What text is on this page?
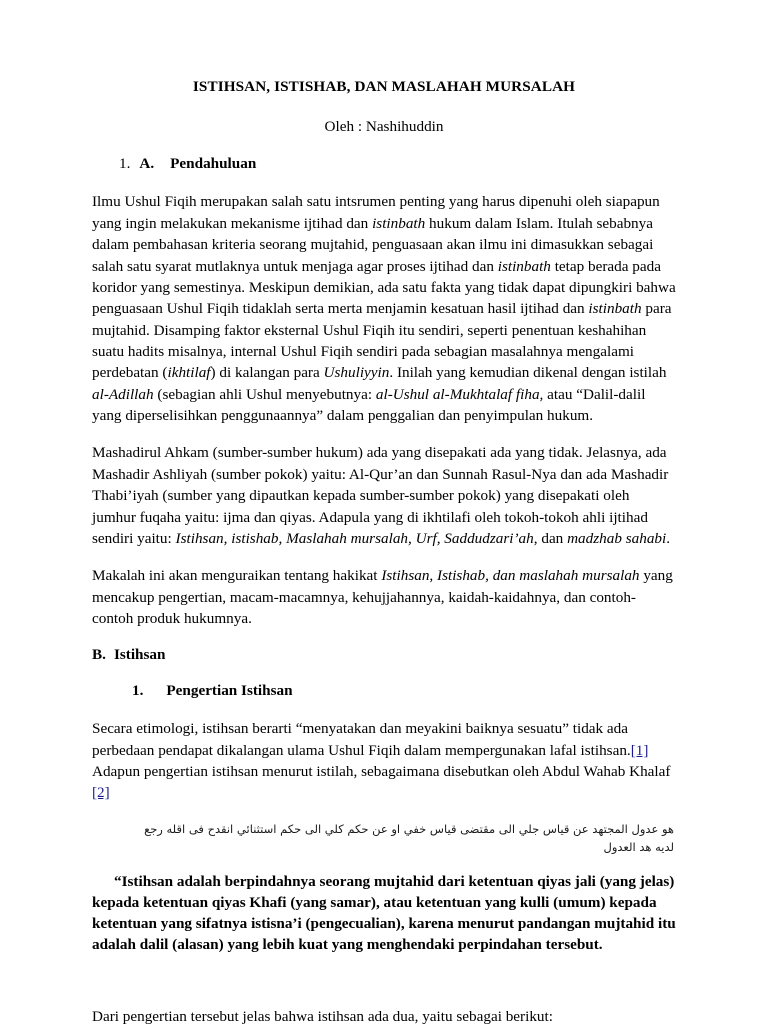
ISTIHSAN, ISTISHAB, DAN MASLAHAH MURSALAH
Oleh : Nashihuddin
1. A. Pendahuluan

Ilmu Ushul Fiqih merupakan salah satu intsrumen penting yang harus dipenuhi oleh siapapun yang ingin melakukan mekanisme ijtihad dan istinbath hukum dalam Islam. Itulah sebabnya dalam pembahasan kriteria seorang mujtahid, penguasaan akan ilmu ini dimasukkan sebagai salah satu syarat mutlaknya untuk menjaga agar proses ijtihad dan istinbath tetap berada pada koridor yang semestinya. Meskipun demikian, ada satu fakta yang tidak dapat dipungkiri bahwa penguasaan Ushul Fiqih tidaklah serta merta menjamin kesatuan hasil ijtihad dan istinbath para mujtahid. Disamping faktor eksternal Ushul Fiqih itu sendiri, seperti penentuan keshahihan suatu hadits misalnya, internal Ushul Fiqih sendiri pada sebagian masalahnya mengalami perdebatan (ikhtilaf) di kalangan para Ushuliyyin. Inilah yang kemudian dikenal dengan istilah al-Adillah (sebagian ahli Ushul menyebutnya: al-Ushul al-Mukhtalaf fiha, atau “Dalil-dalil yang diperselisihkan penggunaannya” dalam penggalian dan penyimpulan hukum.

Mashadirul Ahkam (sumber-sumber hukum) ada yang disepakati ada yang tidak. Jelasnya, ada Mashadir Ashliyah (sumber pokok) yaitu: Al-Qur’an dan Sunnah Rasul-Nya dan ada Mashadir Thabi’iyah (sumber yang dipautkan kepada sumber-sumber pokok) yang disepakati oleh jumhur fuqaha yaitu: ijma dan qiyas. Adapula yang di ikhtilafi oleh tokoh-tokoh ahli ijtihad sendiri yaitu: Istihsan, istishab, Maslahah mursalah, Urf, Saddudzari’ah, dan madzhab sahabi.

Makalah ini akan menguraikan tentang hakikat Istihsan, Istishab, dan maslahah mursalah yang mencakup pengertian, macam-macamnya, kehujjahannya, kaidah-kaidahnya, dan contoh-contoh produk hukumnya.

B. Istihsan
1. Pengertian Istihsan

Secara etimologi, istihsan berarti “menyatakan dan meyakini baiknya sesuatu” tidak ada perbedaan pendapat dikalangan ulama Ushul Fiqih dalam mempergunakan lafal istihsan.[1] Adapun pengertian istihsan menurut istilah, sebagaimana disebutkan oleh Abdul Wahab Khalaf [2]

هو عدول المجتهد عن قياس جلي الى مقتضى قياس خفي او عن حكم كلي الى حكم استثنائي انقدح فى اقله رجع لديه هد العدول
“Istihsan adalah berpindahnya seorang mujtahid dari ketentuan qiyas jali (yang jelas) kepada ketentuan qiyas Khafi (yang samar), atau ketentuan yang kulli (umum) kepada ketentuan yang sifatnya istisna’i (pengecualian), karena menurut pandangan mujtahid itu adalah dalil (alasan) yang lebih kuat yang menghendaki perpindahan tersebut.

Dari pengertian tersebut jelas bahwa istihsan ada dua, yaitu sebagai berikut:
